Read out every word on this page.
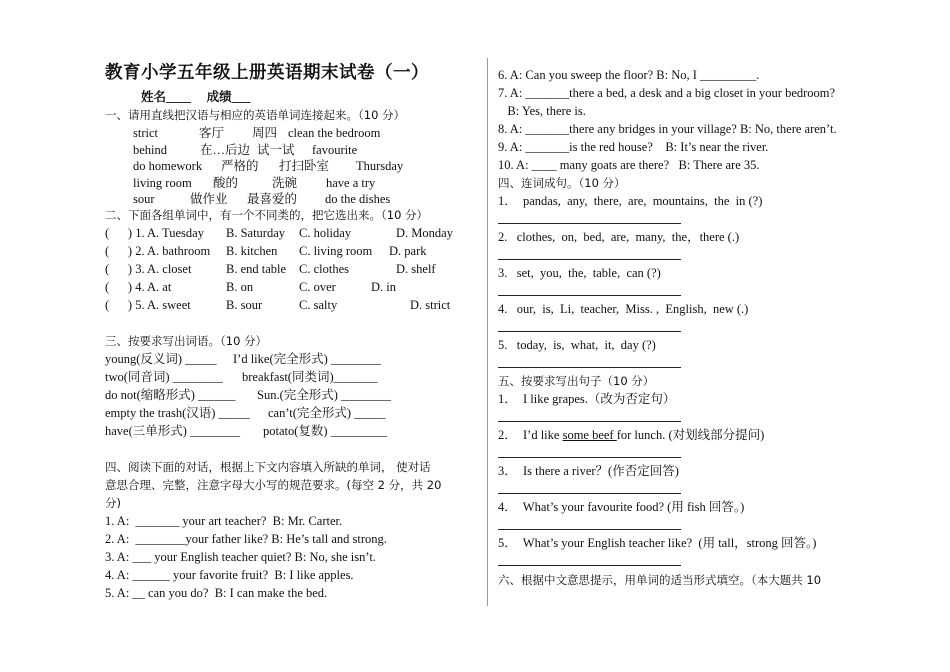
教育小学五年级上册英语期末试卷（一）
姓名____     成绩___
一、请用直线把汉语与相应的英语单词连接起来。（10 分）
strict	客厅 周四 clean the bedroom
behind	在…后边 试一试 favourite
do homework 严格的 打扫卧室 Thursday
living room 酸的	洗碗 have a try
sour	做作业 最喜爱的 do the dishes
二、下面各组单词中，有一个不同类的，把它选出来。（10 分）
(      ) 1. A. Tuesday B. Saturday C. holiday	D. Monday
(      ) 2. A. bathroom B. kitchen C. living room D. park
(      ) 3. A. closet	B. end table C. clothes	D. shelf
(      ) 4. A. at	B. on	C. over	D. in
(      ) 5. A. sweet	B. sour	C. salty	D. strict
三、按要求写出词语。（10 分）
young(反义词) _____ I’d like(完全形式) ________
two(同音词) ________ breakfast(同类词)_______
do not(缩略形式) ______ Sun.(完全形式) ________
empty the trash(汉语) _____ can’t(完全形式) _____
have(三单形式) ________ potato(复数) _________
四、阅读下面的对话，根据上下文内容填入所缺的单词， 使对话
意思合理、完整，注意字母大小写的规范要求。(每空 2 分，共 20
分)
1. A:  _______ your art teacher?  B: Mr. Carter.
2. A:  ________your father like? B: He’s tall and strong.
3. A: ___ your English teacher quiet? B: No, she isn’t.
4. A: ______ your favorite fruit?  B: I like apples.
5. A: __ can you do?  B: I can make the bed.
6. A: Can you sweep the floor? B: No, I _________.
7. A: _______there a bed, a desk and a big closet in your bedroom?
B: Yes, there is.
8. A: _______there any bridges in your village? B: No, there aren’t.
9. A: _______is the red house?    B: It’s near the river.
10. A: ____ many goats are there?   B: There are 35.
四、连词成句。（10 分）
1．  pandas,  any,  there,  are,  mountains,  the  in (?)
2.   clothes,  on,  bed,  are,  many,  the，there (.)
3.   set,  you,  the,  table,  can (?)
4.   our,  is,  Li,  teacher,  Miss. ,  English,  new (.)
5.   today,  is,  what,  it,  day (?)
五、按要求写出句子（10 分）
1．  I like grapes.（改为否定句）
2．  I’d like some beef for lunch. (对划线部分提问)
3．  Is there a river？(作否定回答)
4．  What’s your favourite food? (用 fish 回答。)
5．  What’s your English teacher like?  (用 tall，strong 回答。)
六、根据中文意思提示，用单词的适当形式填空。（本大题共 10
